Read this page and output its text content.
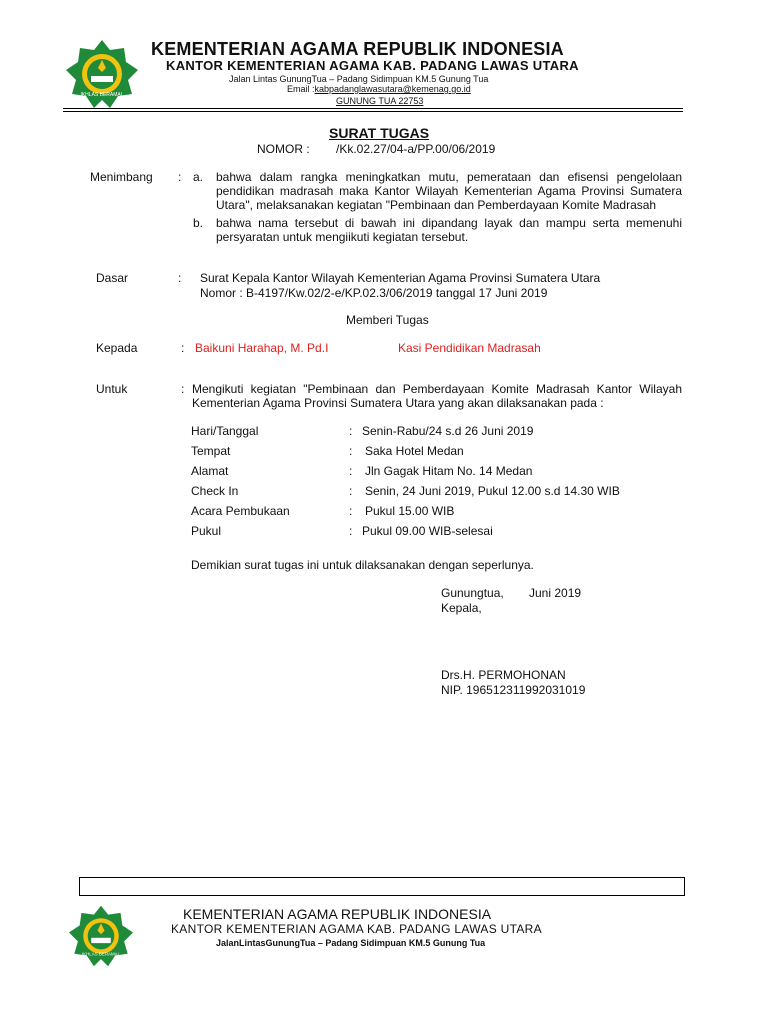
IKHLAS BERAMAL
KEMENTERIAN AGAMA REPUBLIK INDONESIA
KANTOR KEMENTERIAN AGAMA KAB. PADANG LAWAS UTARA
Jalan Lintas GunungTua – Padang Sidimpuan KM.5 Gunung Tua
Email :kabpadanglawasutara@kemenag.go.id
GUNUNG TUA 22753
SURAT TUGAS
NOMOR : /Kk.02.27/04-a/PP.00/06/2019
Menimbang : a. bahwa dalam rangka meningkatkan mutu, pemerataan dan efisensi pengelolaan pendidikan madrasah maka Kantor Wilayah Kementerian Agama Provinsi Sumatera Utara", melaksanakan kegiatan "Pembinaan dan Pemberdayaan Komite Madrasah
b. bahwa nama tersebut di bawah ini dipandang layak dan mampu serta memenuhi persyaratan untuk mengiikuti kegiatan tersebut.
Dasar	: Surat Kepala Kantor Wilayah Kementerian Agama Provinsi Sumatera Utara
Nomor : B-4197/Kw.02/2-e/KP.02.3/06/2019 tanggal 17 Juni 2019
Memberi Tugas
Kepada	: Baikuni Harahap, M. Pd.I	Kasi Pendidikan Madrasah
Untuk	: Mengikuti kegiatan "Pembinaan dan Pemberdayaan Komite Madrasah Kantor Wilayah Kementerian Agama Provinsi Sumatera Utara yang akan dilaksanakan pada :
Hari/Tanggal	: Senin-Rabu/24 s.d 26 Juni 2019
Tempat	: Saka Hotel Medan
Alamat	: Jln Gagak Hitam No. 14 Medan
Check In	: Senin, 24 Juni 2019, Pukul 12.00 s.d 14.30 WIB
Acara Pembukaan	: Pukul 15.00 WIB
Pukul	: Pukul 09.00 WIB-selesai
Demikian surat tugas ini untuk dilaksanakan dengan seperlunya.
Gunungtua, Juni 2019
Kepala,
Drs.H. PERMOHONAN
NIP. 196512311992031019
IKHLAS BERAMAL
KEMENTERIAN AGAMA REPUBLIK INDONESIA
KANTOR KEMENTERIAN AGAMA KAB. PADANG LAWAS UTARA
JalanLintasGunungTua – Padang Sidimpuan KM.5 Gunung Tua
